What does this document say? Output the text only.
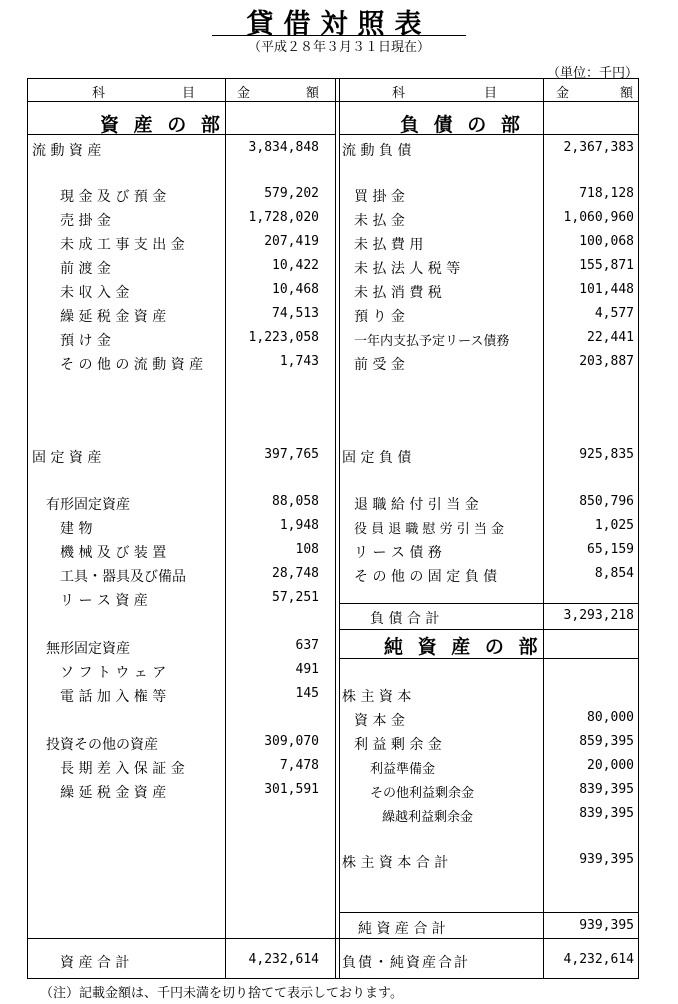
貸借対照表
（平成２８年３月３１日現在）
（単位：千円）
科	目	金	額	科	目	金	額
資 産 の 部	負 債 の 部
純 資 産 の 部
流 動 資 産	3,834,848
現 金 及 び 預 金	579,202
売 掛 金	1,728,020
未 成 工 事 支 出 金	207,419
前 渡 金	10,422
未 収 入 金	10,468
繰 延 税 金 資 産	74,513
預 け 金	1,223,058
そ の 他 の 流 動 資 産	1,743
固 定 資 産	397,765
有形固定資産	88,058
建 物	1,948
機 械 及 び 装 置	108
工具・器具及び備品	28,748
リ ー ス 資 産	57,251
無形固定資産	637
ソ フ ト ウ ェ ア	491
電 話 加 入 権 等	145
投資その他の資産	309,070
長 期 差 入 保 証 金	7,478
繰 延 税 金 資 産	301,591
流 動 負 債	2,367,383
買 掛 金	718,128
未 払 金	1,060,960
未 払 費 用	100,068
未 払 法 人 税 等	155,871
未 払 消 費 税	101,448
預 り 金	4,577
一年内支払予定リース債務	22,441
前 受 金	203,887
固 定 負 債	925,835
退 職 給 付 引 当 金	850,796
役 員 退 職 慰 労 引 当 金	1,025
リ ー ス 債 務	65,159
そ の 他 の 固 定 負 債	8,854
負 債 合 計	3,293,218
株 主 資 本
資 本 金	80,000
利 益 剰 余 金	859,395
利益準備金	20,000
その他利益剰余金	839,395
繰越利益剰余金	839,395
株 主 資 本 合 計	939,395
純 資 産 合 計	939,395
資 産 合 計	4,232,614 負債・純資産合計	4,232,614
（注）記載金額は、千円未満を切り捨てて表示しております。
